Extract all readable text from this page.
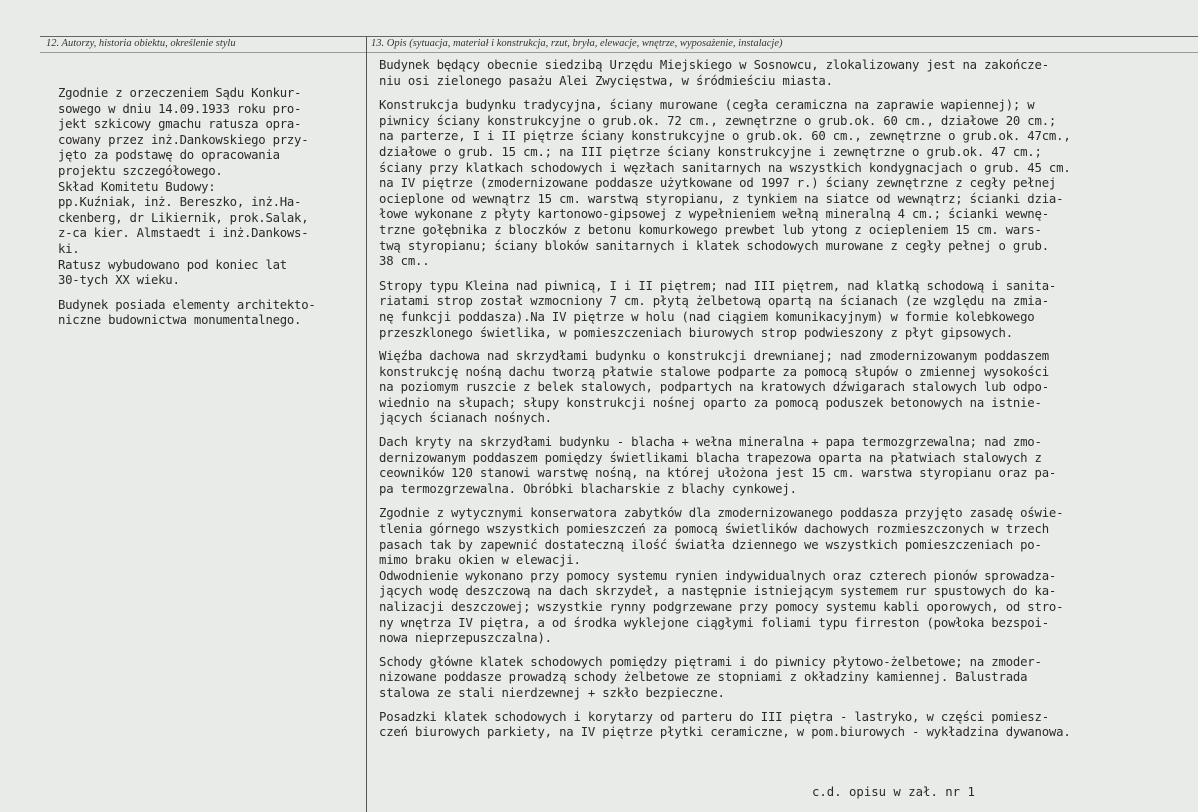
12. Autorzy, historia obiektu, określenie stylu	13. Opis (sytuacja, materiał i konstrukcja, rzut, bryła, elewacje, wnętrze, wyposażenie, instalacje)
Zgodnie z orzeczeniem Sądu Konkur-
sowego w dniu 14.09.1933 roku pro-
jekt szkicowy gmachu ratusza opra-
cowany przez inż.Dankowskiego przy-
jęto za podstawę do opracowania
projektu szczegółowego.
Skład Komitetu Budowy:
pp.Kuźniak, inż. Bereszko, inż.Ha-
ckenberg, dr Likiernik, prok.Salak,
z-ca kier. Almstaedt i inż.Dankows-
ki.
Ratusz wybudowano pod koniec lat
30-tych XX wieku.
Budynek posiada elementy architekto-
niczne budownictwa monumentalnego.
Budynek będący obecnie siedzibą Urzędu Miejskiego w Sosnowcu, zlokalizowany jest na zakończe-
niu osi zielonego pasażu Alei Zwycięstwa, w śródmieściu miasta.
Konstrukcja budynku tradycyjna, ściany murowane (cegła ceramiczna na zaprawie wapiennej); w
piwnicy ściany konstrukcyjne o grub.ok. 72 cm., zewnętrzne o grub.ok. 60 cm., działowe 20 cm.;
na parterze, I i II piętrze ściany konstrukcyjne o grub.ok. 60 cm., zewnętrzne o grub.ok. 47cm.,
działowe o grub. 15 cm.; na III piętrze ściany konstrukcyjne i zewnętrzne o grub.ok. 47 cm.;
ściany przy klatkach schodowych i węzłach sanitarnych na wszystkich kondygnacjach o grub. 45 cm.
na IV piętrze (zmodernizowane poddasze użytkowane od 1997 r.) ściany zewnętrzne z cegły pełnej
ocieplone od wewnątrz 15 cm. warstwą styropianu, z tynkiem na siatce od wewnątrz; ścianki dzia-
łowe wykonane z płyty kartonowo-gipsowej z wypełnieniem wełną mineralną 4 cm.; ścianki wewnę-
trzne gołębnika z bloczków z betonu komurkowego prewbet lub ytong z ociepleniem 15 cm. wars-
twą styropianu; ściany bloków sanitarnych i klatek schodowych murowane z cegły pełnej o grub.
38 cm..
Stropy typu Kleina nad piwnicą, I i II piętrem; nad III piętrem, nad klatką schodową i sanita-
riatami strop został wzmocniony 7 cm. płytą żelbetową opartą na ścianach (ze względu na zmia-
nę funkcji poddasza).Na IV piętrze w holu (nad ciągiem komunikacyjnym) w formie kolebkowego
przeszklonego świetlika, w pomieszczeniach biurowych strop podwieszony z płyt gipsowych.
Więźba dachowa nad skrzydłami budynku o konstrukcji drewnianej; nad zmodernizowanym poddaszem
konstrukcję nośną dachu tworzą płatwie stalowe podparte za pomocą słupów o zmiennej wysokości
na poziomym ruszcie z belek stalowych, podpartych na kratowych dźwigarach stalowych lub odpo-
wiednio na słupach; słupy konstrukcji nośnej oparto za pomocą poduszek betonowych na istnie-
jących ścianach nośnych.
Dach kryty na skrzydłami budynku - blacha + wełna mineralna + papa termozgrzewalna; nad zmo-
dernizowanym poddaszem pomiędzy świetlikami blacha trapezowa oparta na płatwiach stalowych z
ceowników 120 stanowi warstwę nośną, na której ułożona jest 15 cm. warstwa styropianu oraz pa-
pa termozgrzewalna. Obróbki blacharskie z blachy cynkowej.
Zgodnie z wytycznymi konserwatora zabytków dla zmodernizowanego poddasza przyjęto zasadę oświe-
tlenia górnego wszystkich pomieszczeń za pomocą świetlików dachowych rozmieszczonych w trzech
pasach tak by zapewnić dostateczną ilość światła dziennego we wszystkich pomieszczeniach po-
mimo braku okien w elewacji.
Odwodnienie wykonano przy pomocy systemu rynien indywidualnych oraz czterech pionów sprowadza-
jących wodę deszczową na dach skrzydeł, a następnie istniejącym systemem rur spustowych do ka-
nalizacji deszczowej; wszystkie rynny podgrzewane przy pomocy systemu kabli oporowych, od stro-
ny wnętrza IV piętra, a od środka wyklejone ciągłymi foliami typu firreston (powłoka bezspoi-
nowa nieprzepuszczalna).
Schody główne klatek schodowych pomiędzy piętrami i do piwnicy płytowo-żelbetowe; na zmoder-
nizowane poddasze prowadzą schody żelbetowe ze stopniami z okładziny kamiennej. Balustrada
stalowa ze stali nierdzewnej + szkło bezpieczne.
Posadzki klatek schodowych i korytarzy od parteru do III piętra - lastryko, w części pomiesz-
czeń biurowych parkiety, na IV piętrze płytki ceramiczne, w pom.biurowych - wykładzina dywanowa.
c.d. opisu w zał. nr 1
